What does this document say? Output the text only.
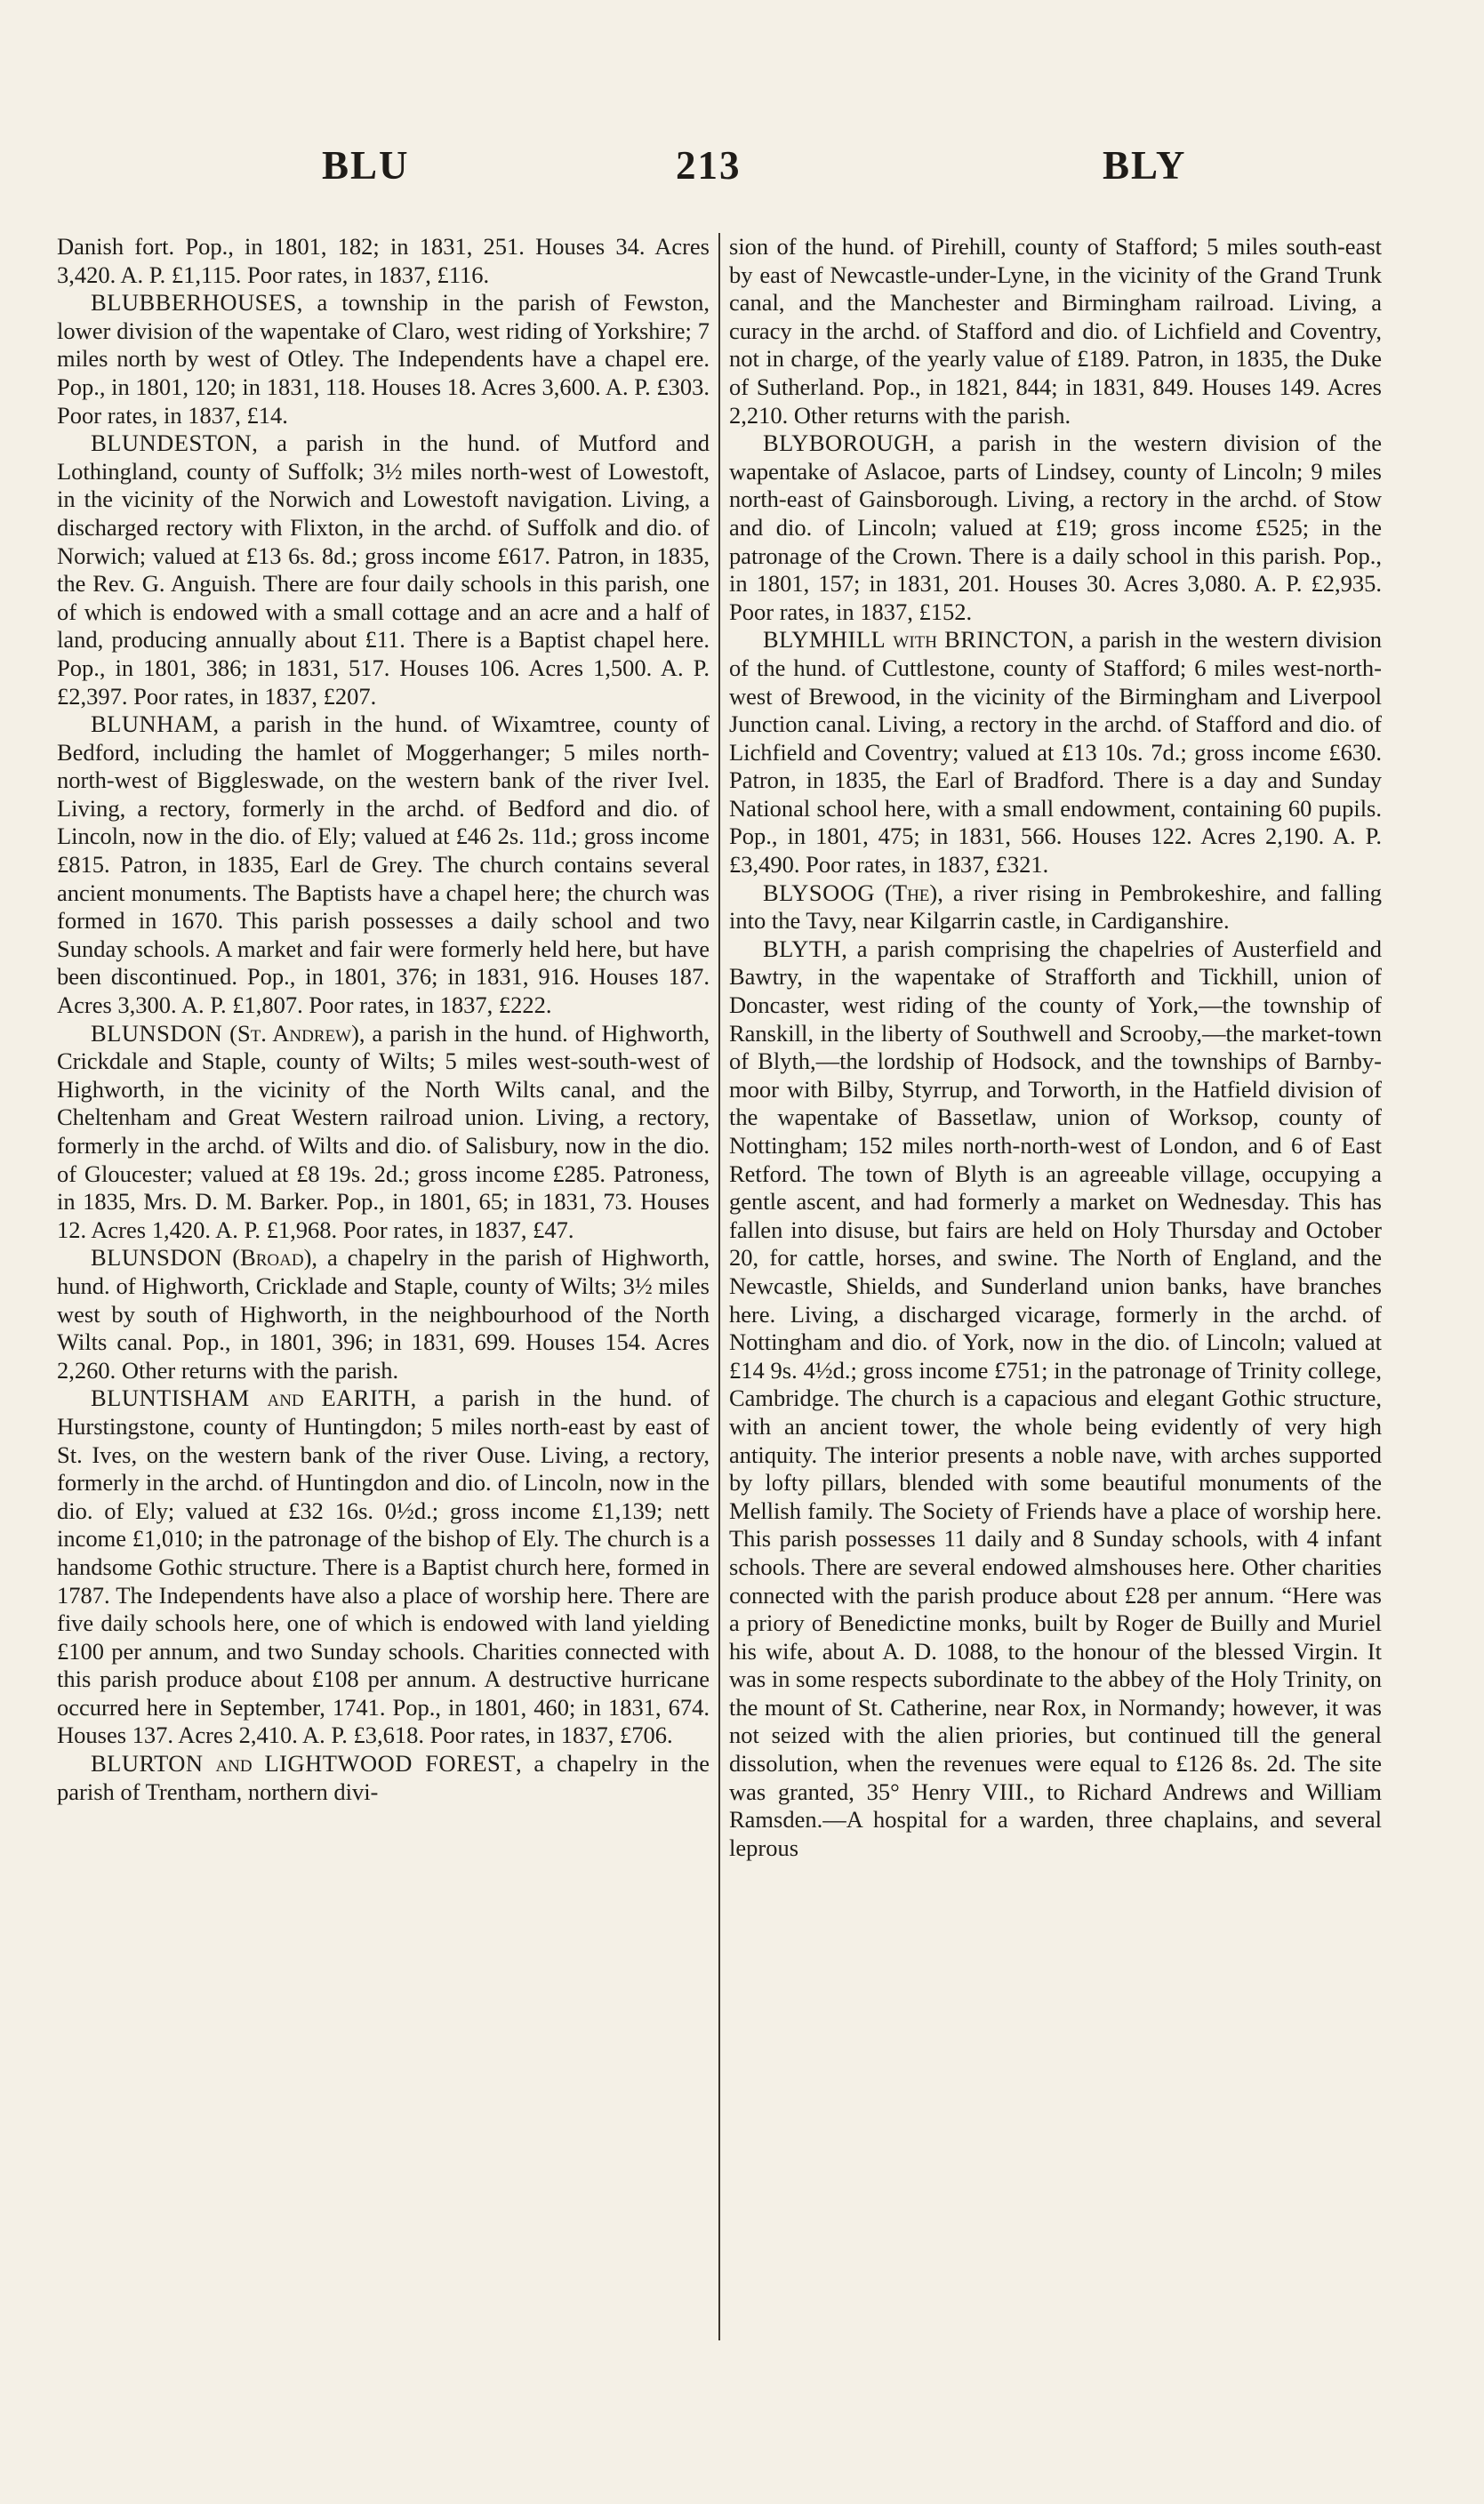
BLU	213	BLY

Danish fort. Pop., in 1801, 182; in 1831, 251. Houses 34. Acres 3,420. A. P. £1,115. Poor rates, in 1837, £116.

BLUBBERHOUSES, a township in the parish of Fewston, lower division of the wapentake of Claro, west riding of Yorkshire; 7 miles north by west of Otley. The Independents have a chapel ere. Pop., in 1801, 120; in 1831, 118. Houses 18. Acres 3,600. A. P. £303. Poor rates, in 1837, £14.

BLUNDESTON, a parish in the hund. of Mutford and Lothingland, county of Suffolk; 3½ miles north-west of Lowestoft, in the vicinity of the Norwich and Lowestoft navigation. Living, a discharged rectory with Flixton, in the archd. of Suffolk and dio. of Norwich; valued at £13 6s. 8d.; gross income £617. Patron, in 1835, the Rev. G. Anguish. There are four daily schools in this parish, one of which is endowed with a small cottage and an acre and a half of land, producing annually about £11. There is a Baptist chapel here. Pop., in 1801, 386; in 1831, 517. Houses 106. Acres 1,500. A. P. £2,397. Poor rates, in 1837, £207.

BLUNHAM, a parish in the hund. of Wixamtree, county of Bedford, including the hamlet of Moggerhanger; 5 miles north-north-west of Biggleswade, on the western bank of the river Ivel. Living, a rectory, formerly in the archd. of Bedford and dio. of Lincoln, now in the dio. of Ely; valued at £46 2s. 11d.; gross income £815. Patron, in 1835, Earl de Grey. The church contains several ancient monuments. The Baptists have a chapel here; the church was formed in 1670. This parish possesses a daily school and two Sunday schools. A market and fair were formerly held here, but have been discontinued. Pop., in 1801, 376; in 1831, 916. Houses 187. Acres 3,300. A. P. £1,807. Poor rates, in 1837, £222.

BLUNSDON (St. Andrew), a parish in the hund. of Highworth, Crickdale and Staple, county of Wilts; 5 miles west-south-west of Highworth, in the vicinity of the North Wilts canal, and the Cheltenham and Great Western railroad union. Living, a rectory, formerly in the archd. of Wilts and dio. of Salisbury, now in the dio. of Gloucester; valued at £8 19s. 2d.; gross income £285. Patroness, in 1835, Mrs. D. M. Barker. Pop., in 1801, 65; in 1831, 73. Houses 12. Acres 1,420. A. P. £1,968. Poor rates, in 1837, £47.

BLUNSDON (Broad), a chapelry in the parish of Highworth, hund. of Highworth, Cricklade and Staple, county of Wilts; 3½ miles west by south of Highworth, in the neighbourhood of the North Wilts canal. Pop., in 1801, 396; in 1831, 699. Houses 154. Acres 2,260. Other returns with the parish.

BLUNTISHAM and EARITH, a parish in the hund. of Hurstingstone, county of Huntingdon; 5 miles north-east by east of St. Ives, on the western bank of the river Ouse. Living, a rectory, formerly in the archd. of Huntingdon and dio. of Lincoln, now in the dio. of Ely; valued at £32 16s. 0½d.; gross income £1,139; nett income £1,010; in the patronage of the bishop of Ely. The church is a handsome Gothic structure. There is a Baptist church here, formed in 1787. The Independents have also a place of worship here. There are five daily schools here, one of which is endowed with land yielding £100 per annum, and two Sunday schools. Charities connected with this parish produce about £108 per annum. A destructive hurricane occurred here in September, 1741. Pop., in 1801, 460; in 1831, 674. Houses 137. Acres 2,410. A. P. £3,618. Poor rates, in 1837, £706.

BLURTON and LIGHTWOOD FOREST, a chapelry in the parish of Trentham, northern divi-

sion of the hund. of Pirehill, county of Stafford; 5 miles south-east by east of Newcastle-under-Lyne, in the vicinity of the Grand Trunk canal, and the Manchester and Birmingham railroad. Living, a curacy in the archd. of Stafford and dio. of Lichfield and Coventry, not in charge, of the yearly value of £189. Patron, in 1835, the Duke of Sutherland. Pop., in 1821, 844; in 1831, 849. Houses 149. Acres 2,210. Other returns with the parish.

BLYBOROUGH, a parish in the western division of the wapentake of Aslacoe, parts of Lindsey, county of Lincoln; 9 miles north-east of Gainsborough. Living, a rectory in the archd. of Stow and dio. of Lincoln; valued at £19; gross income £525; in the patronage of the Crown. There is a daily school in this parish. Pop., in 1801, 157; in 1831, 201. Houses 30. Acres 3,080. A. P. £2,935. Poor rates, in 1837, £152.

BLYMHILL with BRINCTON, a parish in the western division of the hund. of Cuttlestone, county of Stafford; 6 miles west-north-west of Brewood, in the vicinity of the Birmingham and Liverpool Junction canal. Living, a rectory in the archd. of Stafford and dio. of Lichfield and Coventry; valued at £13 10s. 7d.; gross income £630. Patron, in 1835, the Earl of Bradford. There is a day and Sunday National school here, with a small endowment, containing 60 pupils. Pop., in 1801, 475; in 1831, 566. Houses 122. Acres 2,190. A. P. £3,490. Poor rates, in 1837, £321.

BLYSOOG (The), a river rising in Pembrokeshire, and falling into the Tavy, near Kilgarrin castle, in Cardiganshire.

BLYTH, a parish comprising the chapelries of Austerfield and Bawtry, in the wapentake of Strafforth and Tickhill, union of Doncaster, west riding of the county of York,—the township of Ranskill, in the liberty of Southwell and Scrooby,—the market-town of Blyth,—the lordship of Hodsock, and the townships of Barnby-moor with Bilby, Styrrup, and Torworth, in the Hatfield division of the wapentake of Bassetlaw, union of Worksop, county of Nottingham; 152 miles north-north-west of London, and 6 of East Retford. The town of Blyth is an agreeable village, occupying a gentle ascent, and had formerly a market on Wednesday. This has fallen into disuse, but fairs are held on Holy Thursday and October 20, for cattle, horses, and swine. The North of England, and the Newcastle, Shields, and Sunderland union banks, have branches here. Living, a discharged vicarage, formerly in the archd. of Nottingham and dio. of York, now in the dio. of Lincoln; valued at £14 9s. 4½d.; gross income £751; in the patronage of Trinity college, Cambridge. The church is a capacious and elegant Gothic structure, with an ancient tower, the whole being evidently of very high antiquity. The interior presents a noble nave, with arches supported by lofty pillars, blended with some beautiful monuments of the Mellish family. The Society of Friends have a place of worship here. This parish possesses 11 daily and 8 Sunday schools, with 4 infant schools. There are several endowed almshouses here. Other charities connected with the parish produce about £28 per annum. “Here was a priory of Benedictine monks, built by Roger de Builly and Muriel his wife, about A. D. 1088, to the honour of the blessed Virgin. It was in some respects subordinate to the abbey of the Holy Trinity, on the mount of St. Catherine, near Rox, in Normandy; however, it was not seized with the alien priories, but continued till the general dissolution, when the revenues were equal to £126 8s. 2d. The site was granted, 35° Henry VIII., to Richard Andrews and William Ramsden.—A hospital for a warden, three chaplains, and several leprous
